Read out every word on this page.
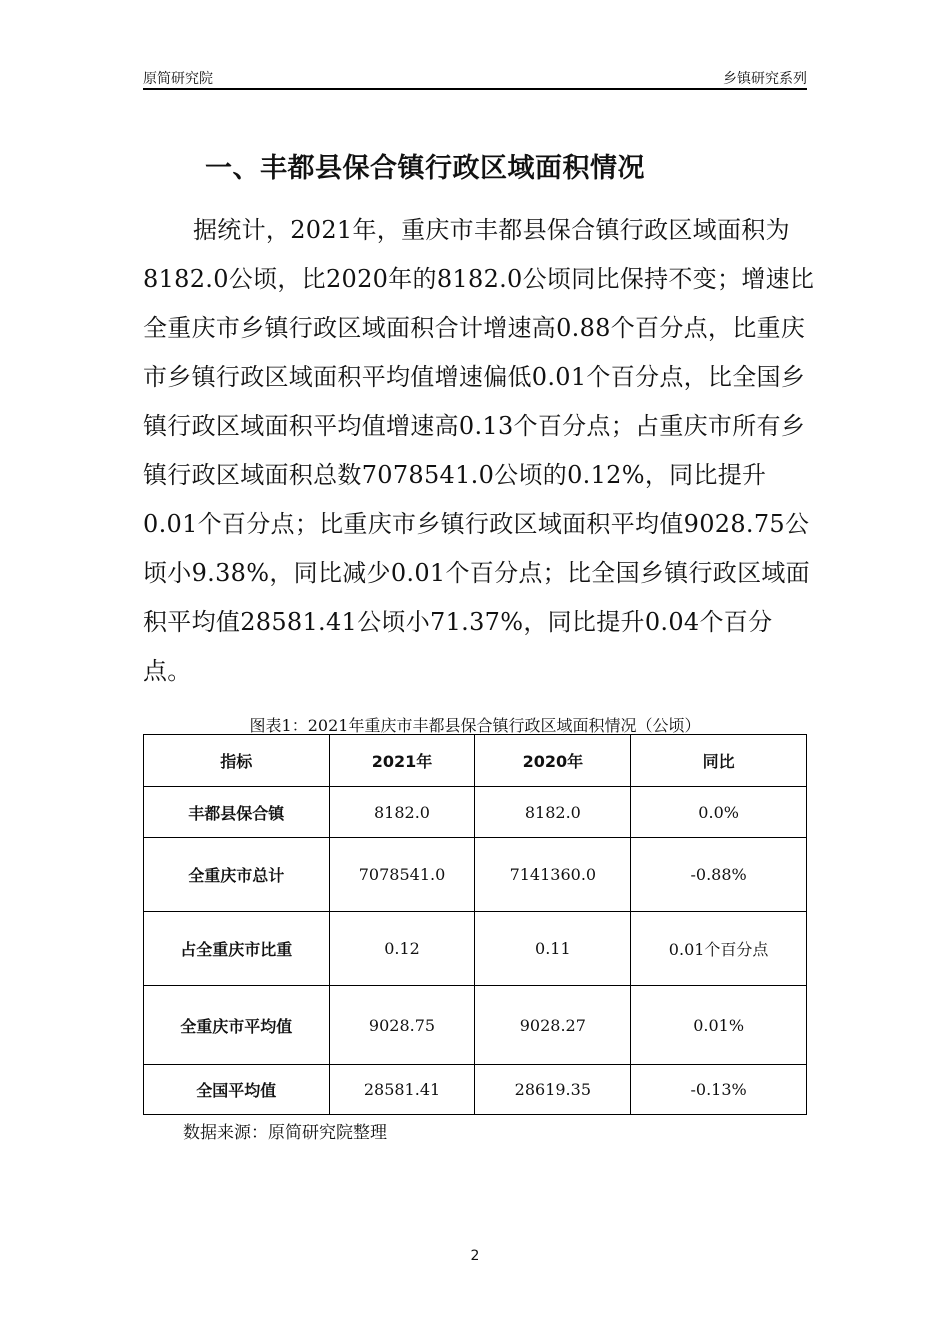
原简研究院	乡镇研究系列
一、丰都县保合镇行政区域面积情况

据统计，2021年，重庆市丰都县保合镇行政区域面积为8182.0公顷，比2020年的8182.0公顷同比保持不变；增速比全重庆市乡镇行政区域面积合计增速高0.88个百分点，比重庆市乡镇行政区域面积平均值增速偏低0.01个百分点，比全国乡镇行政区域面积平均值增速高0.13个百分点；占重庆市所有乡镇行政区域面积总数7078541.0公顷的0.12%，同比提升0.01个百分点；比重庆市乡镇行政区域面积平均值9028.75公顷小9.38%，同比减少0.01个百分点；比全国乡镇行政区域面积平均值28581.41公顷小71.37%，同比提升0.04个百分点。

图表1：2021年重庆市丰都县保合镇行政区域面积情况（公顷）
指标	2021年	2020年	同比
丰都县保合镇	8182.0	8182.0	0.0%
全重庆市总计	7078541.0	7141360.0	-0.88%
占全重庆市比重	0.12	0.11	0.01个百分点
全重庆市平均值	9028.75	9028.27	0.01%
全国平均值	28581.41	28619.35	-0.13%
数据来源：原简研究院整理
2
